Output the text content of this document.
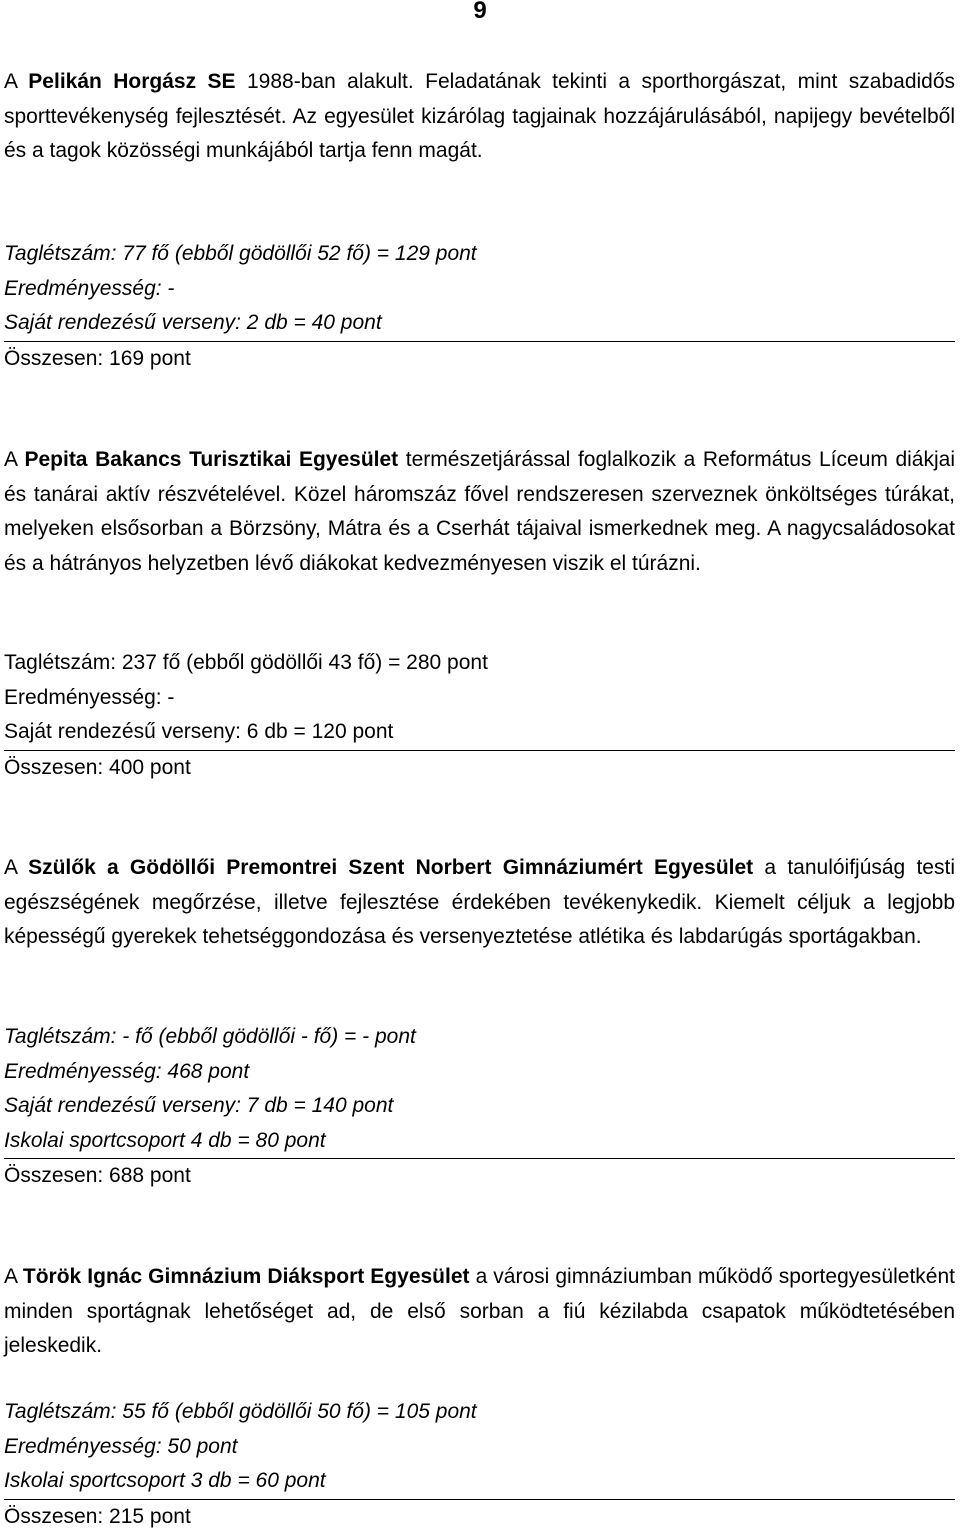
9

A Pelikán Horgász SE 1988-ban alakult. Feladatának tekinti a sporthorgászat, mint szabadidős sporttevékenység fejlesztését. Az egyesület kizárólag tagjainak hozzájárulásából, napijegy bevételből és a tagok közösségi munkájából tartja fenn magát.

Taglétszám: 77 fő (ebből gödöllői 52 fő) = 129 pont

Eredményesség: -

Saját rendezésű verseny: 2 db = 40 pont

Összesen: 169 pont

A Pepita Bakancs Turisztikai Egyesület természetjárással foglalkozik a Református Líceum diákjai és tanárai aktív részvételével. Közel háromszáz fővel rendszeresen szerveznek önköltséges túrákat, melyeken elsősorban a Börzsöny, Mátra és a Cserhát tájaival ismerkednek meg. A nagycsaládosokat és a hátrányos helyzetben lévő diákokat kedvezményesen viszik el túrázni.

Taglétszám: 237 fő (ebből gödöllői 43 fő) = 280 pont

Eredményesség: -

Saját rendezésű verseny: 6 db = 120 pont

Összesen: 400 pont

A Szülők a Gödöllői Premontrei Szent Norbert Gimnáziumért Egyesület a tanulóifjúság testi egészségének megőrzése, illetve fejlesztése érdekében tevékenykedik. Kiemelt céljuk a legjobb képességű gyerekek tehetséggondozása és versenyeztetése atlétika és labdarúgás sportágakban.

Taglétszám: - fő (ebből gödöllői - fő) = - pont

Eredményesség: 468 pont

Saját rendezésű verseny: 7 db = 140 pont

Iskolai sportcsoport 4 db = 80 pont

Összesen: 688 pont

A Török Ignác Gimnázium Diáksport Egyesület a városi gimnáziumban működő sportegyesületként minden sportágnak lehetőséget ad, de első sorban a fiú kézilabda csapatok működtetésében jeleskedik.

Taglétszám: 55 fő (ebből gödöllői 50 fő) = 105 pont

Eredményesség: 50 pont

Iskolai sportcsoport 3 db = 60 pont

Összesen: 215 pont
